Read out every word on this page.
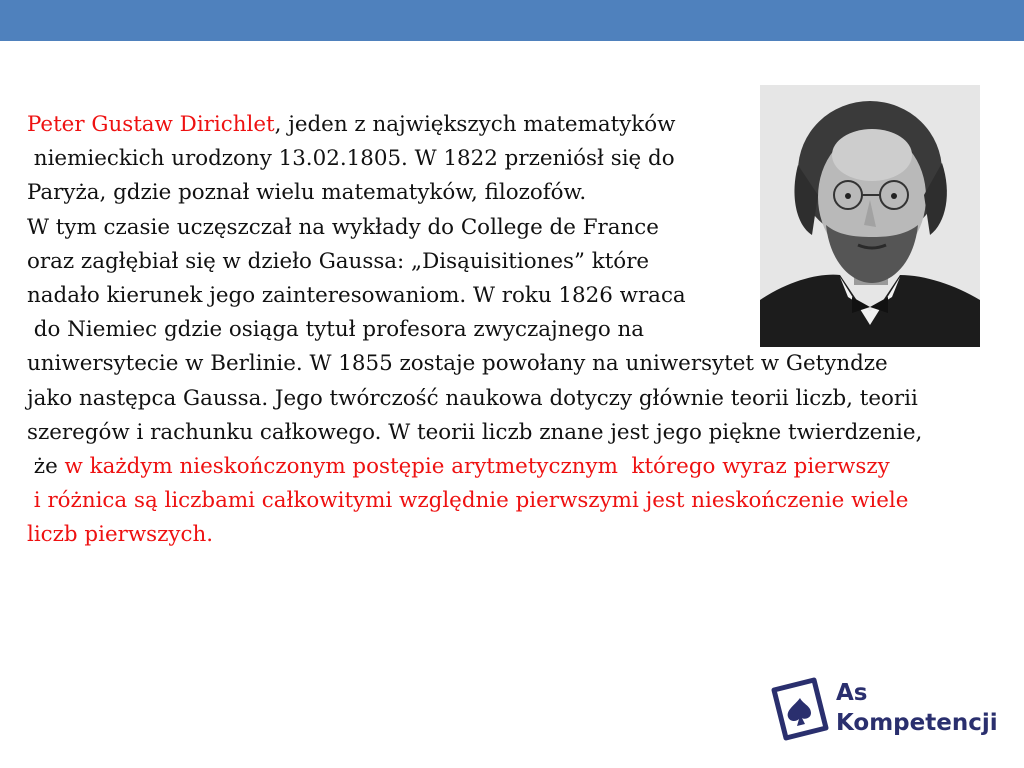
Peter Gustaw Dirichlet, jeden z największych matematyków
niemieckich urodzony 13.02.1805. W 1822 przeniósł się do
Paryża, gdzie poznał wielu matematyków, filozofów.
W tym czasie uczęszczał na wykłady do College de France
oraz zagłębiał się w dzieło Gaussa: „Disąuisitiones” które
nadało kierunek jego zainteresowaniom. W roku 1826 wraca
do Niemiec gdzie osiąga tytuł profesora zwyczajnego na
uniwersytecie w Berlinie. W 1855 zostaje powołany na uniwersytet w Getyndze
jako następca Gaussa. Jego twórczość naukowa dotyczy głównie teorii liczb, teorii
szeregów i rachunku całkowego. W teorii liczb znane jest jego piękne twierdzenie,
że w każdym nieskończonym postępie arytmetycznym  którego wyraz pierwszy
i różnica są liczbami całkowitymi względnie pierwszymi jest nieskończenie wiele
liczb pierwszych.
As
Kompetencji
